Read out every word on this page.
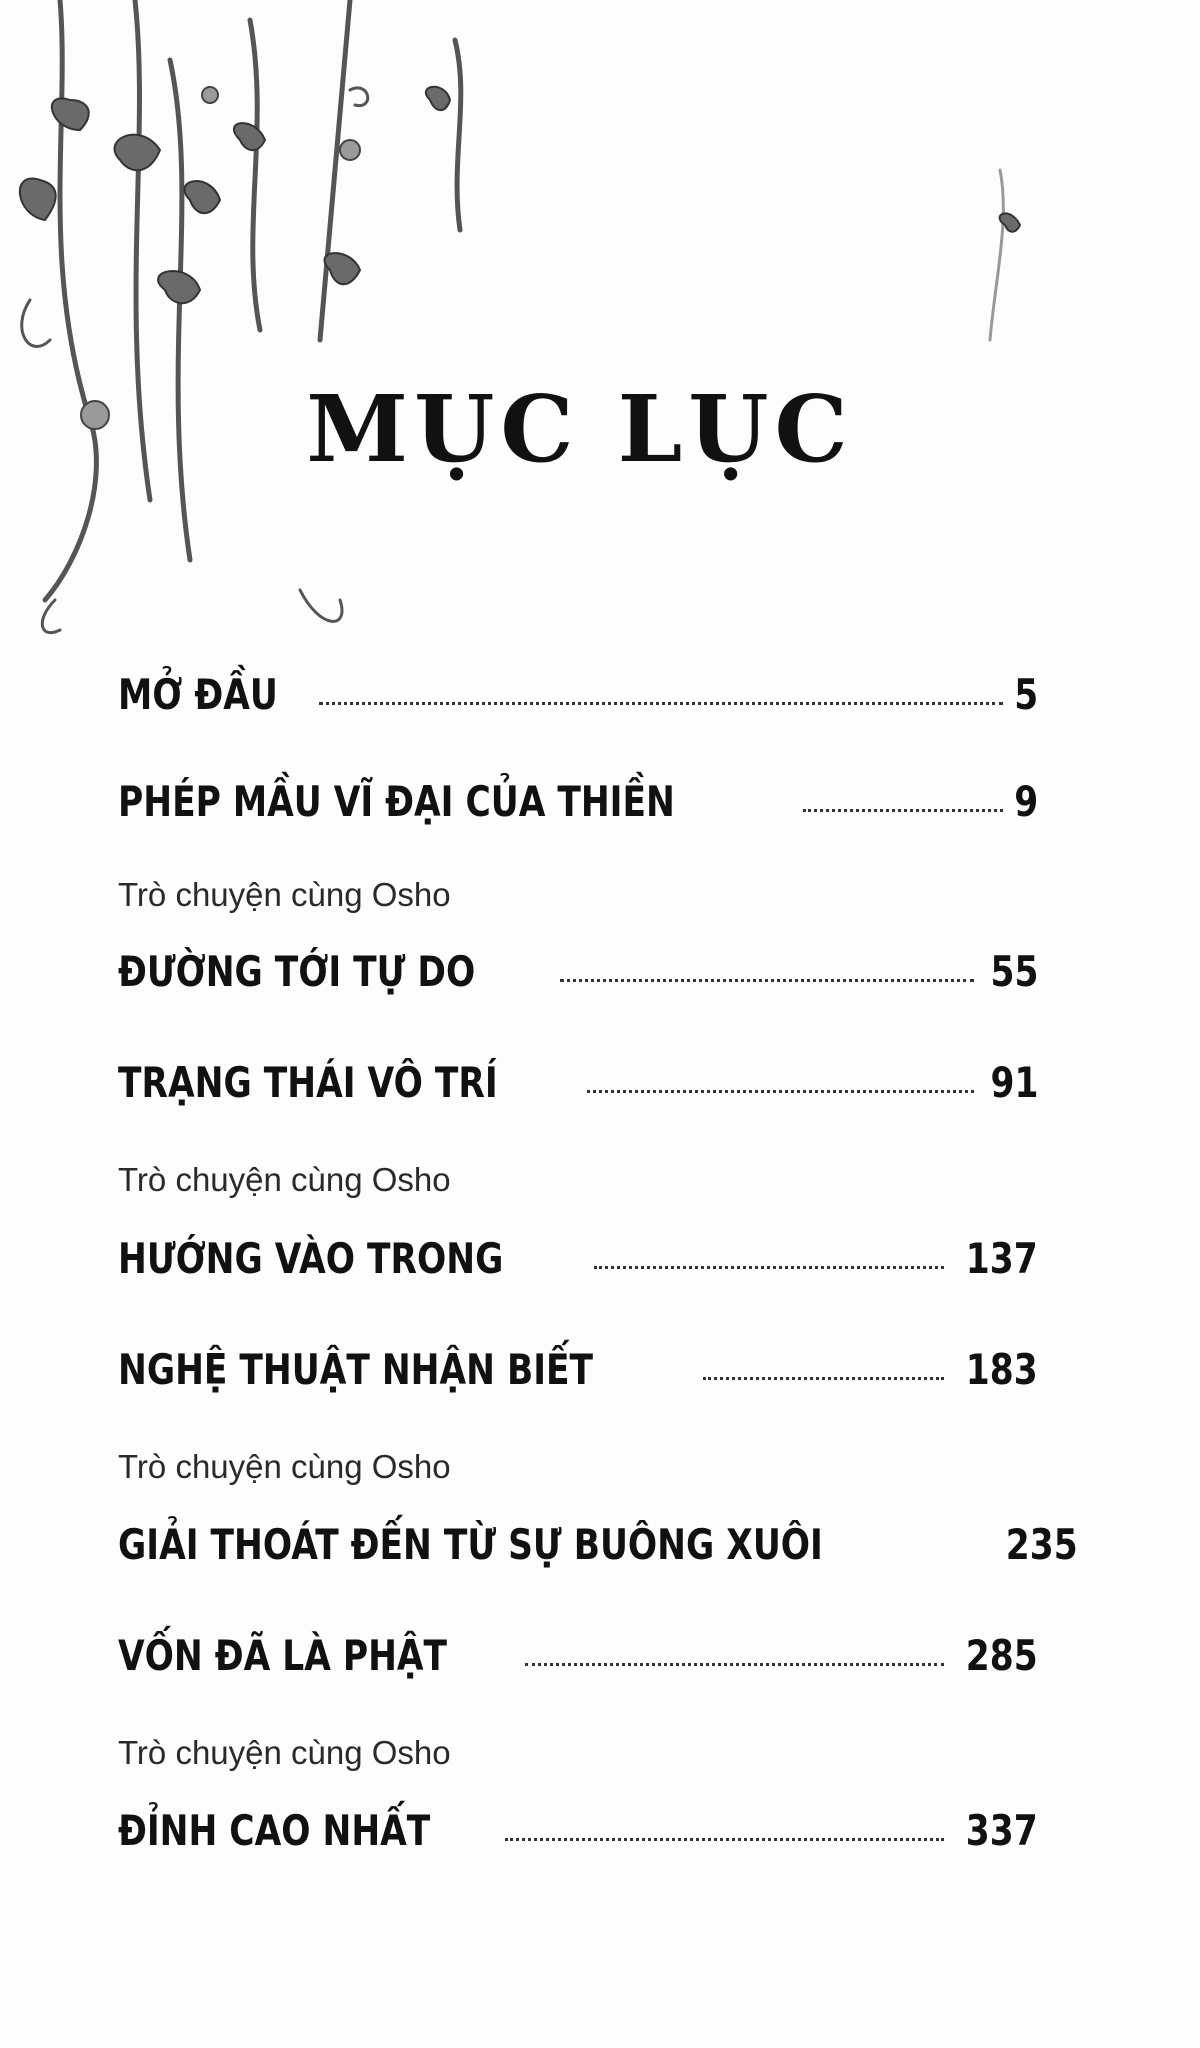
MỤC LỤC
MỞ ĐẦU	5
PHÉP MẦU VĨ ĐẠI CỦA THIỀN	9
Trò chuyện cùng Osho
ĐƯỜNG TỚI TỰ DO	55
TRẠNG THÁI VÔ TRÍ	91
Trò chuyện cùng Osho
HƯỚNG VÀO TRONG	137
NGHỆ THUẬT NHẬN BIẾT	183
Trò chuyện cùng Osho
GIẢI THOÁT ĐẾN TỪ SỰ BUÔNG XUÔI	235
VỐN ĐÃ LÀ PHẬT	285
Trò chuyện cùng Osho
ĐỈNH CAO NHẤT	337
